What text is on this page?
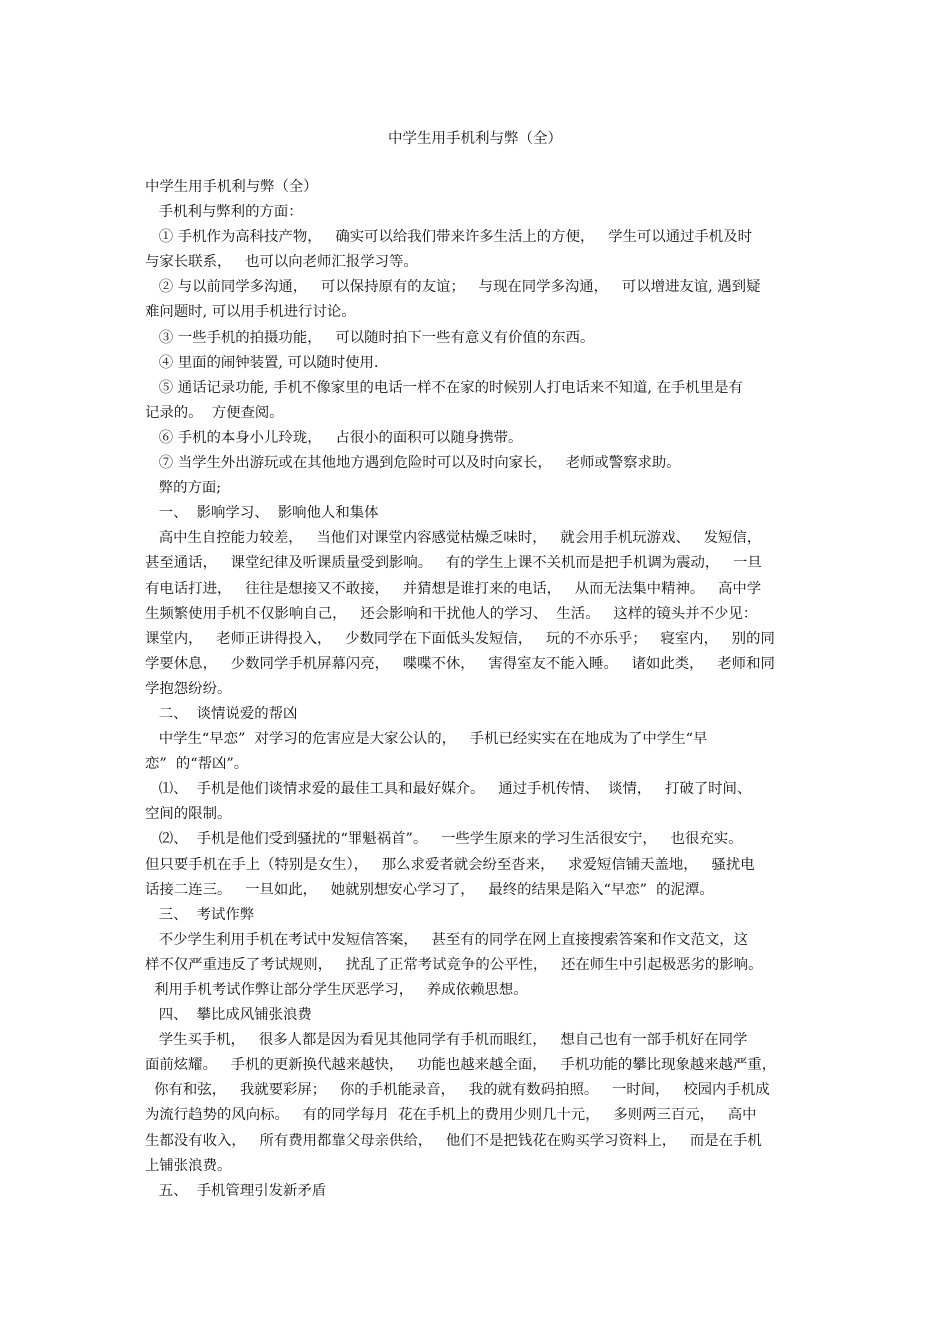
中学生用手机利与弊（全）
中学生用手机利与弊（全）
手机利与弊利的方面：
① 手机作为高科技产物，   确实可以给我们带来许多生活上的方便，   学生可以通过手机及时
与家长联系，   也可以向老师汇报学习等。
② 与以前同学多沟通，   可以保持原有的友谊；   与现在同学多沟通，   可以增进友谊, 遇到疑
难问题时, 可以用手机进行讨论。
③ 一些手机的拍摄功能，   可以随时拍下一些有意义有价值的东西。
④ 里面的闹钟装置, 可以随时使用.
⑤ 通话记录功能, 手机不像家里的电话一样不在家的时候别人打电话来不知道, 在手机里是有
记录的。  方便查阅。
⑥ 手机的本身小儿玲珑，   占很小的面积可以随身携带。
⑦ 当学生外出游玩或在其他地方遇到危险时可以及时向家长，   老师或警察求助。
弊的方面;
一、  影响学习、  影响他人和集体
高中生自控能力较差，   当他们对课堂内容感觉枯燥乏味时，   就会用手机玩游戏、   发短信，
甚至通话，   课堂纪律及听课质量受到影响。   有的学生上课不关机而是把手机调为震动，   一旦
有电话打进，   往往是想接又不敢接，   并猜想是谁打来的电话，   从而无法集中精神。   高中学
生频繁使用手机不仅影响自己，   还会影响和干扰他人的学习、  生活。   这样的镜头并不少见：
课堂内，   老师正讲得投入，   少数同学在下面低头发短信，   玩的不亦乐乎；   寝室内，   别的同
学要休息，   少数同学手机屏幕闪亮，   喋喋不休，   害得室友不能入睡。   诸如此类，   老师和同
学抱怨纷纷。
二、  谈情说爱的帮凶
中学生“早恋”  对学习的危害应是大家公认的，   手机已经实实在在地成为了中学生“早
恋”  的“帮凶”。
⑴、  手机是他们谈情求爱的最佳工具和最好媒介。   通过手机传情、  谈情，   打破了时间、
空间的限制。
⑵、  手机是他们受到骚扰的“罪魁祸首”。   一些学生原来的学习生活很安宁，   也很充实。
但只要手机在手上（特别是女生），   那么求爱者就会纷至沓来，   求爱短信铺天盖地，   骚扰电
话接二连三。   一旦如此，   她就别想安心学习了，   最终的结果是陷入“早恋”  的泥潭。
三、  考试作弊
不少学生利用手机在考试中发短信答案，   甚至有的同学在网上直接搜索答案和作文范文，这
样不仅严重违反了考试规则，   扰乱了正常考试竞争的公平性，   还在师生中引起极恶劣的影响。
利用手机考试作弊让部分学生厌恶学习，   养成依赖思想。
四、  攀比成风铺张浪费
学生买手机，   很多人都是因为看见其他同学有手机而眼红，   想自己也有一部手机好在同学
面前炫耀。   手机的更新换代越来越快，   功能也越来越全面，   手机功能的攀比现象越来越严重，
你有和弦，   我就要彩屏；   你的手机能录音，   我的就有数码拍照。   一时间，   校园内手机成
为流行趋势的风向标。   有的同学每月  花在手机上的费用少则几十元，   多则两三百元，   高中
生都没有收入，   所有费用都靠父母亲供给，   他们不是把钱花在购买学习资料上，   而是在手机
上铺张浪费。
五、  手机管理引发新矛盾
